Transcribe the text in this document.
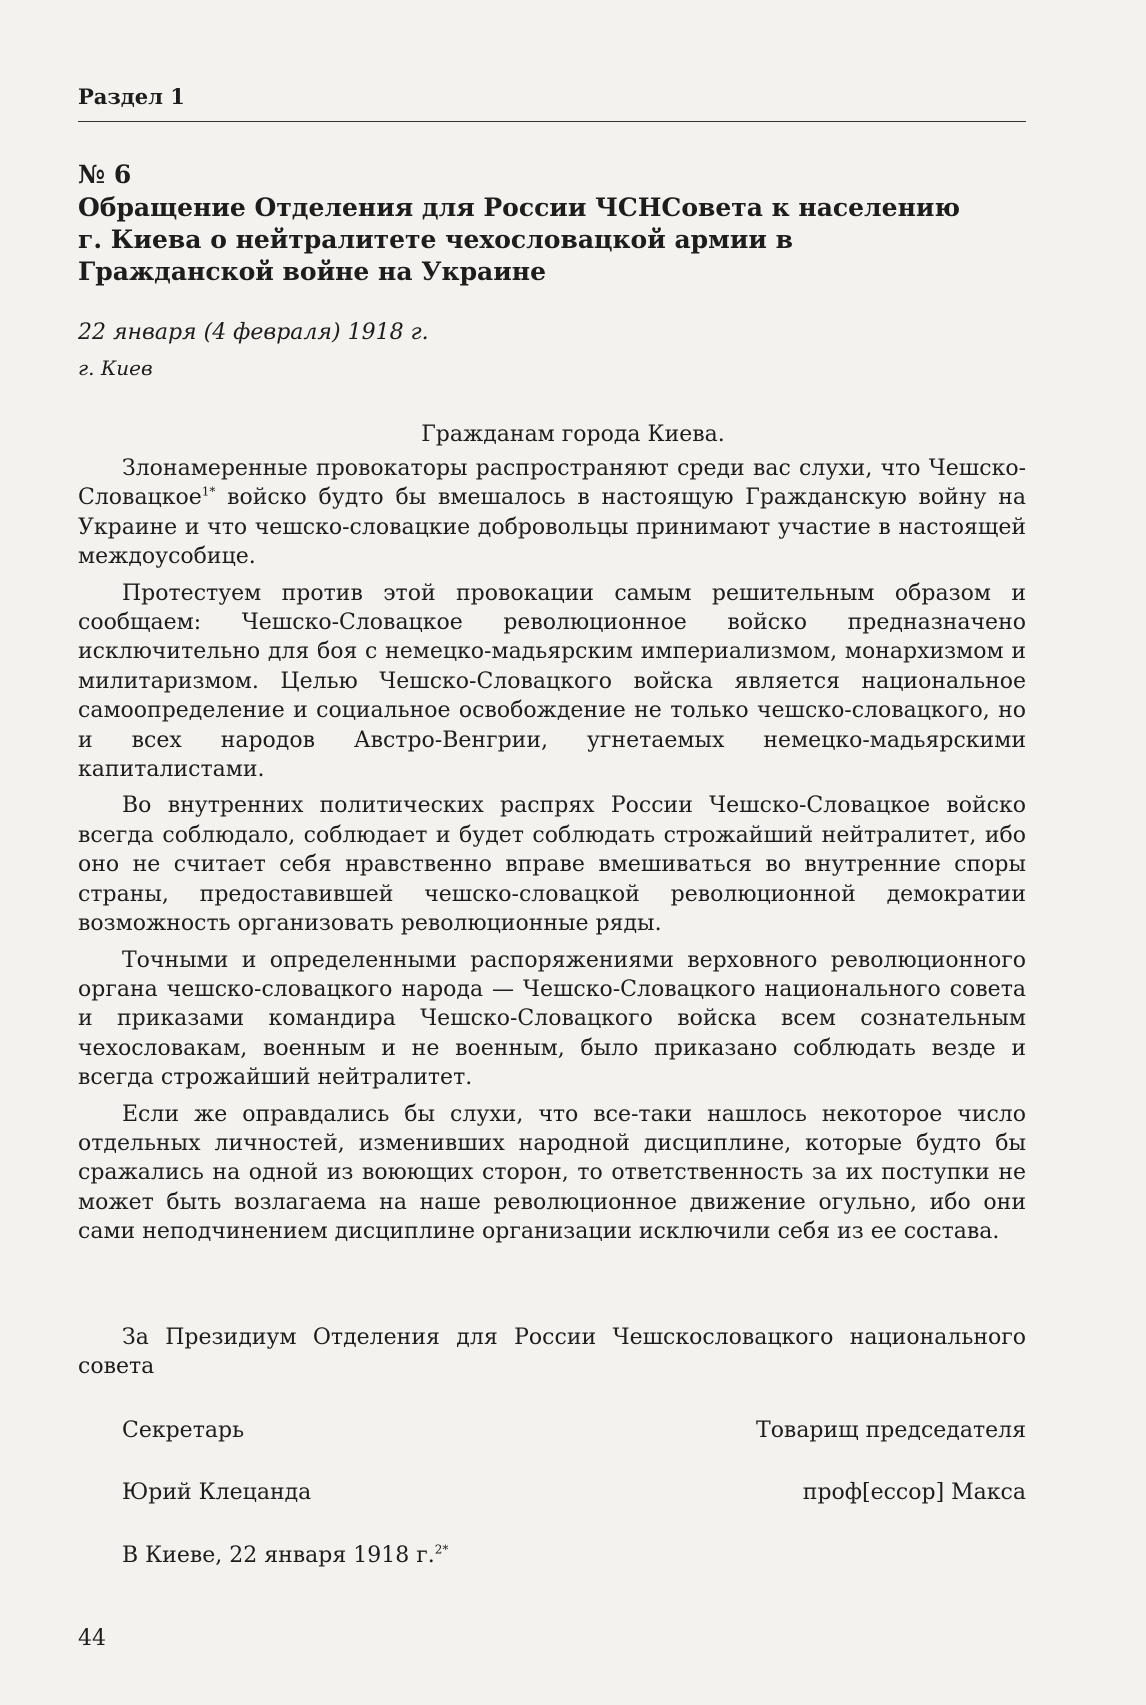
Раздел 1
№ 6
Обращение Отделения для России ЧСНСовета к населению г. Киева о нейтралитете чехословацкой армии в Гражданской войне на Украине
22 января (4 февраля) 1918 г.
г. Киев
Гражданам города Киева.

Злонамеренные провокаторы распространяют среди вас слухи, что Чешско-Словацкое$^{1*}$ войско будто бы вмешалось в настоящую Гражданскую войну на Украине и что чешско-словацкие добровольцы принимают участие в настоящей междоусобице.

Протестуем против этой провокации самым решительным образом и сообщаем: Чешско-Словацкое революционное войско предназначено исключительно для боя с немецко-мадьярским империализмом, монархизмом и милитаризмом. Целью Чешско-Словацкого войска является национальное самоопределение и социальное освобождение не только чешско-словацкого, но и всех народов Австро-Венгрии, угнетаемых немецко-мадьярскими капиталистами.

Во внутренних политических распрях России Чешско-Словацкое войско всегда соблюдало, соблюдает и будет соблюдать строжайший нейтралитет, ибо оно не считает себя нравственно вправе вмешиваться во внутренние споры страны, предоставившей чешско-словацкой революционной демократии возможность организовать революционные ряды.

Точными и определенными распоряжениями верховного революционного органа чешско-словацкого народа — Чешско-Словацкого национального совета и приказами командира Чешско-Словацкого войска всем сознательным чехословакам, военным и не военным, было приказано соблюдать везде и всегда строжайший нейтралитет.

Если же оправдались бы слухи, что все-таки нашлось некоторое число отдельных личностей, изменивших народной дисциплине, которые будто бы сражались на одной из воюющих сторон, то ответственность за их поступки не может быть возлагаема на наше революционное движение огульно, ибо они сами неподчинением дисциплине организации исключили себя из ее состава.

За Президиум Отделения для России Чешскословацкого национального совета
Секретарь	Товарищ председателя
Юрий Клецанда	проф[ессор] Макса
В Киеве, 22 января 1918 г.$^{2*}$
44
